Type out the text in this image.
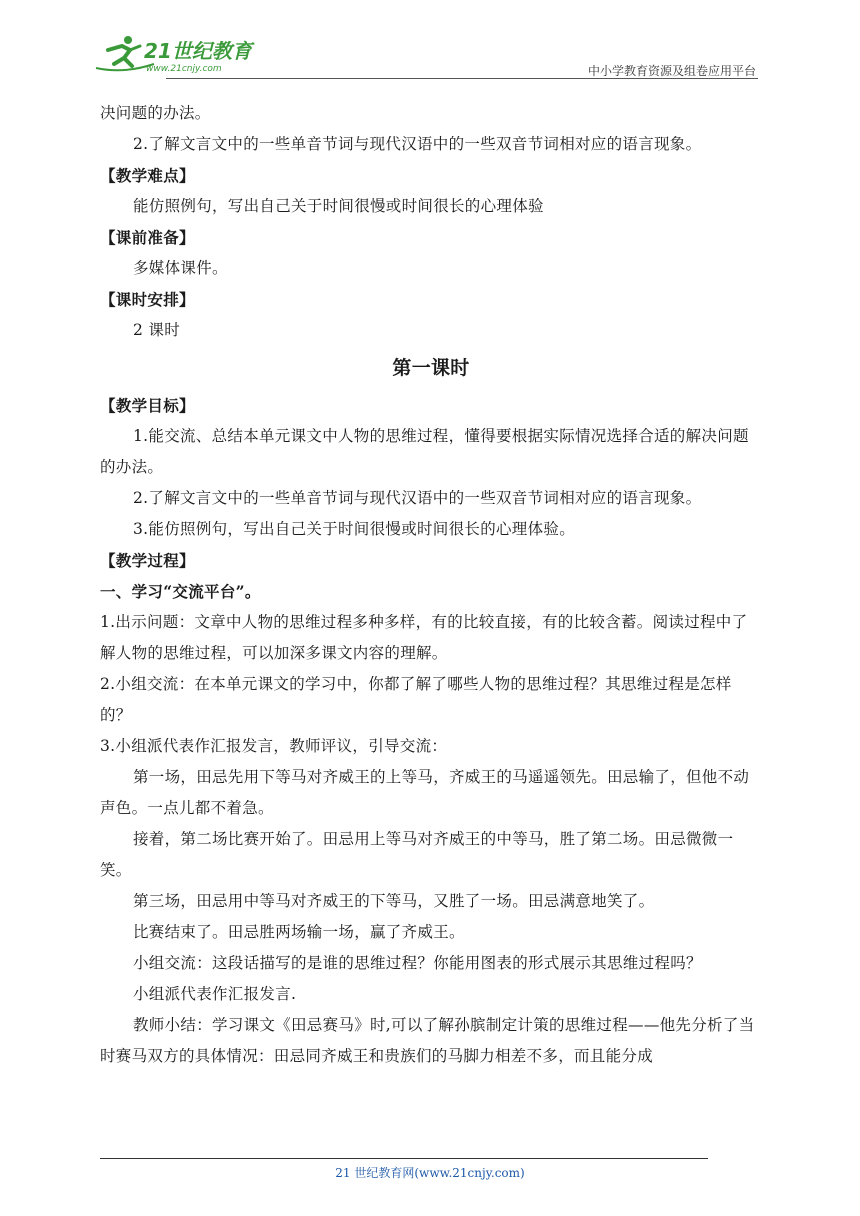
21世纪教育
www.21cnjy.com	中小学教育资源及组卷应用平台

决问题的办法。

2.了解文言文中的一些单音节词与现代汉语中的一些双音节词相对应的语言现象。

【教学难点】

能仿照例句，写出自己关于时间很慢或时间很长的心理体验

【课前准备】

多媒体课件。

【课时安排】

2 课时

第一课时

【教学目标】

1.能交流、总结本单元课文中人物的思维过程，懂得要根据实际情况选择合适的解决问题的办法。

2.了解文言文中的一些单音节词与现代汉语中的一些双音节词相对应的语言现象。

3.能仿照例句，写出自己关于时间很慢或时间很长的心理体验。

【教学过程】

一、学习“交流平台”。

1.出示问题：文章中人物的思维过程多种多样，有的比较直接，有的比较含蓄。阅读过程中了解人物的思维过程，可以加深多课文内容的理解。

2.小组交流：在本单元课文的学习中，你都了解了哪些人物的思维过程？其思维过程是怎样的？

3.小组派代表作汇报发言，教师评议，引导交流：

第一场，田忌先用下等马对齐威王的上等马，齐威王的马遥遥领先。田忌输了，但他不动声色。一点儿都不着急。

接着，第二场比赛开始了。田忌用上等马对齐威王的中等马，胜了第二场。田忌微微一笑。

第三场，田忌用中等马对齐威王的下等马，又胜了一场。田忌满意地笑了。

比赛结束了。田忌胜两场输一场，赢了齐威王。

小组交流：这段话描写的是谁的思维过程？你能用图表的形式展示其思维过程吗？

小组派代表作汇报发言.

教师小结：学习课文《田忌赛马》时,可以了解孙膑制定计策的思维过程——他先分析了当时赛马双方的具体情况：田忌同齐威王和贵族们的马脚力相差不多，而且能分成

21 世纪教育网(www.21cnjy.com)
